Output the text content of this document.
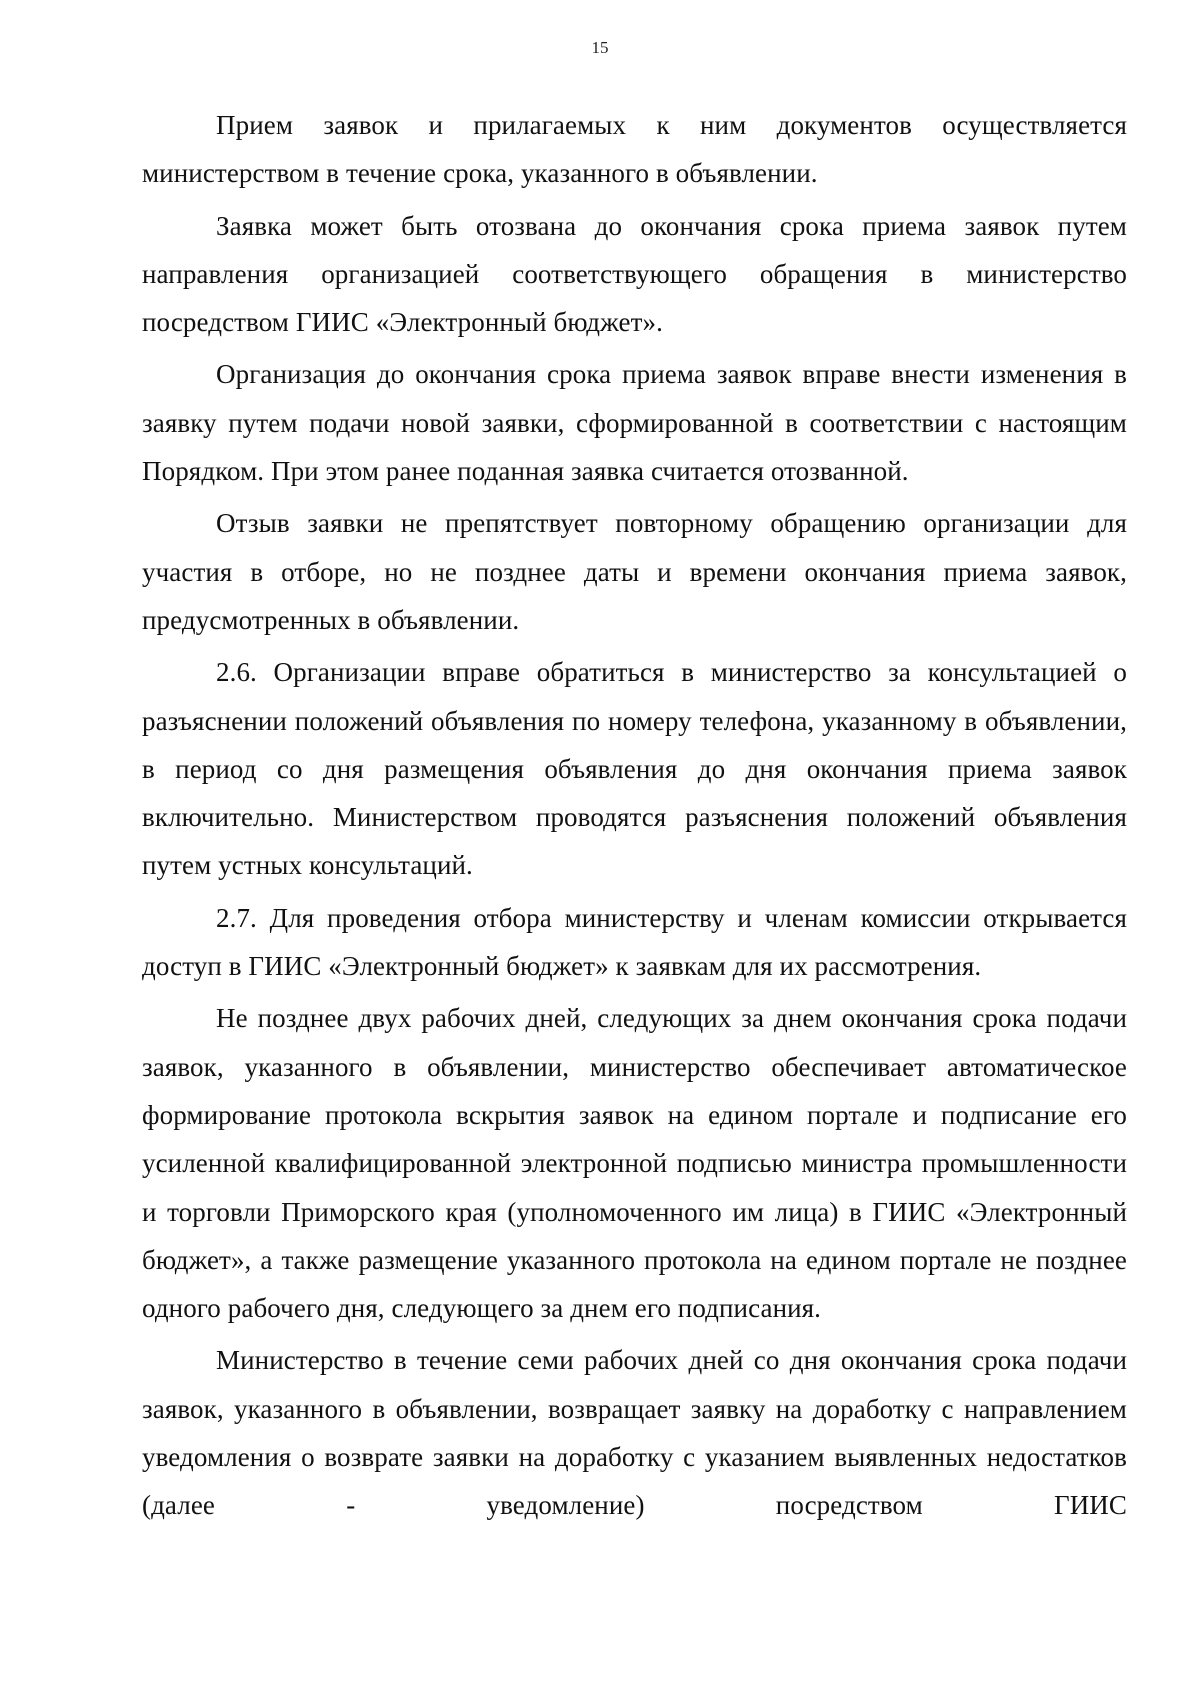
15

Прием заявок и прилагаемых к ним документов осуществляется министерством в течение срока, указанного в объявлении.

Заявка может быть отозвана до окончания срока приема заявок путем направления организацией соответствующего обращения в министерство посредством ГИИС «Электронный бюджет».

Организация до окончания срока приема заявок вправе внести изменения в заявку путем подачи новой заявки, сформированной в соответствии с настоящим Порядком. При этом ранее поданная заявка считается отозванной.

Отзыв заявки не препятствует повторному обращению организации для участия в отборе, но не позднее даты и времени окончания приема заявок, предусмотренных в объявлении.

2.6. Организации вправе обратиться в министерство за консультацией о разъяснении положений объявления по номеру телефона, указанному в объявлении, в период со дня размещения объявления до дня окончания приема заявок включительно. Министерством проводятся разъяснения положений объявления путем устных консультаций.

2.7. Для проведения отбора министерству и членам комиссии открывается доступ в ГИИС «Электронный бюджет» к заявкам для их рассмотрения.

Не позднее двух рабочих дней, следующих за днем окончания срока подачи заявок, указанного в объявлении, министерство обеспечивает автоматическое формирование протокола вскрытия заявок на едином портале и подписание его усиленной квалифицированной электронной подписью министра промышленности и торговли Приморского края (уполномоченного им лица) в ГИИС «Электронный бюджет», а также размещение указанного протокола на едином портале не позднее одного рабочего дня, следующего за днем его подписания.

Министерство в течение семи рабочих дней со дня окончания срока подачи заявок, указанного в объявлении, возвращает заявку на доработку с направлением уведомления о возврате заявки на доработку с указанием выявленных недостатков (далее - уведомление) посредством ГИИС
